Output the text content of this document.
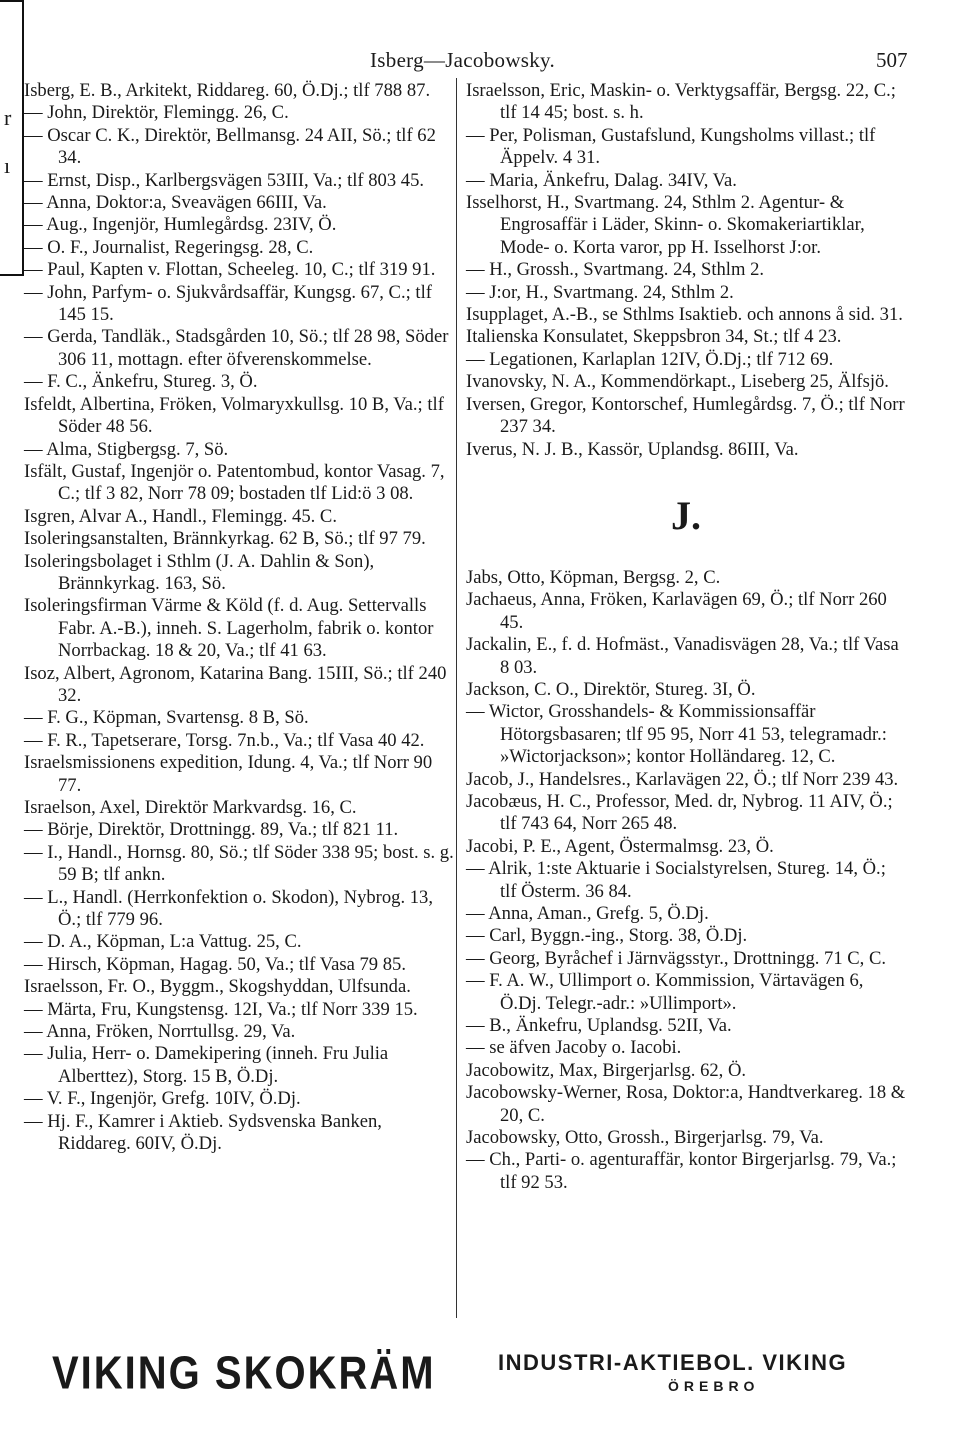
r
ı
Isberg—Jacobowsky.	507

Isberg, E. B., Arkitekt, Riddareg. 60, Ö.Dj.; tlf 788 87.

— John, Direktör, Flemingg. 26, C.

— Oscar C. K., Direktör, Bellmansg. 24 AII, Sö.; tlf 62 34.

— Ernst, Disp., Karlbergsvägen 53III, Va.; tlf 803 45.

— Anna, Doktor:a, Sveavägen 66III, Va.

— Aug., Ingenjör, Humlegårdsg. 23IV, Ö.

— O. F., Journalist, Regeringsg. 28, C.

— Paul, Kapten v. Flottan, Scheeleg. 10, C.; tlf 319 91.

— John, Parfym- o. Sjukvårdsaffär, Kungsg. 67, C.; tlf 145 15.

— Gerda, Tandläk., Stadsgården 10, Sö.; tlf 28 98, Söder 306 11, mottagn. efter öfverenskommelse.

— F. C., Änkefru, Stureg. 3, Ö.

Isfeldt, Albertina, Fröken, Volmaryxkullsg. 10 B, Va.; tlf Söder 48 56.

— Alma, Stigbergsg. 7, Sö.

Isfält, Gustaf, Ingenjör o. Patentombud, kontor Vasag. 7, C.; tlf 3 82, Norr 78 09; bostaden tlf Lid:ö 3 08.

Isgren, Alvar A., Handl., Flemingg. 45. C.

Isoleringsanstalten, Brännkyrkag. 62 B, Sö.; tlf 97 79.

Isoleringsbolaget i Sthlm (J. A. Dahlin & Son), Brännkyrkag. 163, Sö.

Isoleringsfirman Värme & Köld (f. d. Aug. Settervalls Fabr. A.-B.), inneh. S. Lagerholm, fabrik o. kontor Norrbackag. 18 & 20, Va.; tlf 41 63.

Isoz, Albert, Agronom, Katarina Bang. 15III, Sö.; tlf 240 32.

— F. G., Köpman, Svartensg. 8 B, Sö.

— F. R., Tapetserare, Torsg. 7n.b., Va.; tlf Vasa 40 42.

Israelsmissionens expedition, Idung. 4, Va.; tlf Norr 90 77.

Israelson, Axel, Direktör Markvardsg. 16, C.

— Börje, Direktör, Drottningg. 89, Va.; tlf 821 11.

— I., Handl., Hornsg. 80, Sö.; tlf Söder 338 95; bost. s. g. 59 B; tlf ankn.

— L., Handl. (Herrkonfektion o. Skodon), Nybrog. 13, Ö.; tlf 779 96.

— D. A., Köpman, L:a Vattug. 25, C.

— Hirsch, Köpman, Hagag. 50, Va.; tlf Vasa 79 85.

Israelsson, Fr. O., Byggm., Skogshyddan, Ulfsunda.

— Märta, Fru, Kungstensg. 12I, Va.; tlf Norr 339 15.

— Anna, Fröken, Norrtullsg. 29, Va.

— Julia, Herr- o. Damekipering (inneh. Fru Julia Alberttez), Storg. 15 B, Ö.Dj.

— V. F., Ingenjör, Grefg. 10IV, Ö.Dj.

— Hj. F., Kamrer i Aktieb. Sydsvenska Banken, Riddareg. 60IV, Ö.Dj.

Israelsson, Eric, Maskin- o. Verktygsaffär, Bergsg. 22, C.; tlf 14 45; bost. s. h.

— Per, Polisman, Gustafslund, Kungsholms villast.; tlf Äppelv. 4 31.

— Maria, Änkefru, Dalag. 34IV, Va.

Isselhorst, H., Svartmang. 24, Sthlm 2. Agentur- & Engrosaffär i Läder, Skinn- o. Skomakeriartiklar, Mode- o. Korta varor, pp H. Isselhorst J:or.

— H., Grossh., Svartmang. 24, Sthlm 2.

— J:or, H., Svartmang. 24, Sthlm 2.

Isupplaget, A.-B., se Sthlms Isaktieb. och annons å sid. 31.

Italienska Konsulatet, Skeppsbron 34, St.; tlf 4 23.

— Legationen, Karlaplan 12IV, Ö.Dj.; tlf 712 69.

Ivanovsky, N. A., Kommendörkapt., Liseberg 25, Älfsjö.

Iversen, Gregor, Kontorschef, Humlegårdsg. 7, Ö.; tlf Norr 237 34.

Iverus, N. J. B., Kassör, Uplandsg. 86III, Va.

J.

Jabs, Otto, Köpman, Bergsg. 2, C.

Jachaeus, Anna, Fröken, Karlavägen 69, Ö.; tlf Norr 260 45.

Jackalin, E., f. d. Hofmäst., Vanadisvägen 28, Va.; tlf Vasa 8 03.

Jackson, C. O., Direktör, Stureg. 3I, Ö.

— Wictor, Grosshandels- & Kommissionsaffär Hötorgsbasaren; tlf 95 95, Norr 41 53, telegramadr.: »Wictorjackson»; kontor Holländareg. 12, C.

Jacob, J., Handelsres., Karlavägen 22, Ö.; tlf Norr 239 43.

Jacobæus, H. C., Professor, Med. dr, Nybrog. 11 AIV, Ö.; tlf 743 64, Norr 265 48.

Jacobi, P. E., Agent, Östermalmsg. 23, Ö.

— Alrik, 1:ste Aktuarie i Socialstyrelsen, Stureg. 14, Ö.; tlf Österm. 36 84.

— Anna, Aman., Grefg. 5, Ö.Dj.

— Carl, Byggn.-ing., Storg. 38, Ö.Dj.

— Georg, Byråchef i Järnvägsstyr., Drottningg. 71 C, C.

— F. A. W., Ullimport o. Kommission, Värtavägen 6, Ö.Dj. Telegr.-adr.: »Ullimport».

— B., Änkefru, Uplandsg. 52II, Va.

— se äfven Jacoby o. Iacobi.

Jacobowitz, Max, Birgerjarlsg. 62, Ö.

Jacobowsky-Werner, Rosa, Doktor:a, Handtverkareg. 18 & 20, C.

Jacobowsky, Otto, Grossh., Birgerjarlsg. 79, Va.

— Ch., Parti- o. agenturaffär, kontor Birgerjarlsg. 79, Va.; tlf 92 53.

VIKING SKOKRÄM	INDUSTRI-AKTIEBOL. VIKING
ÖREBRO
